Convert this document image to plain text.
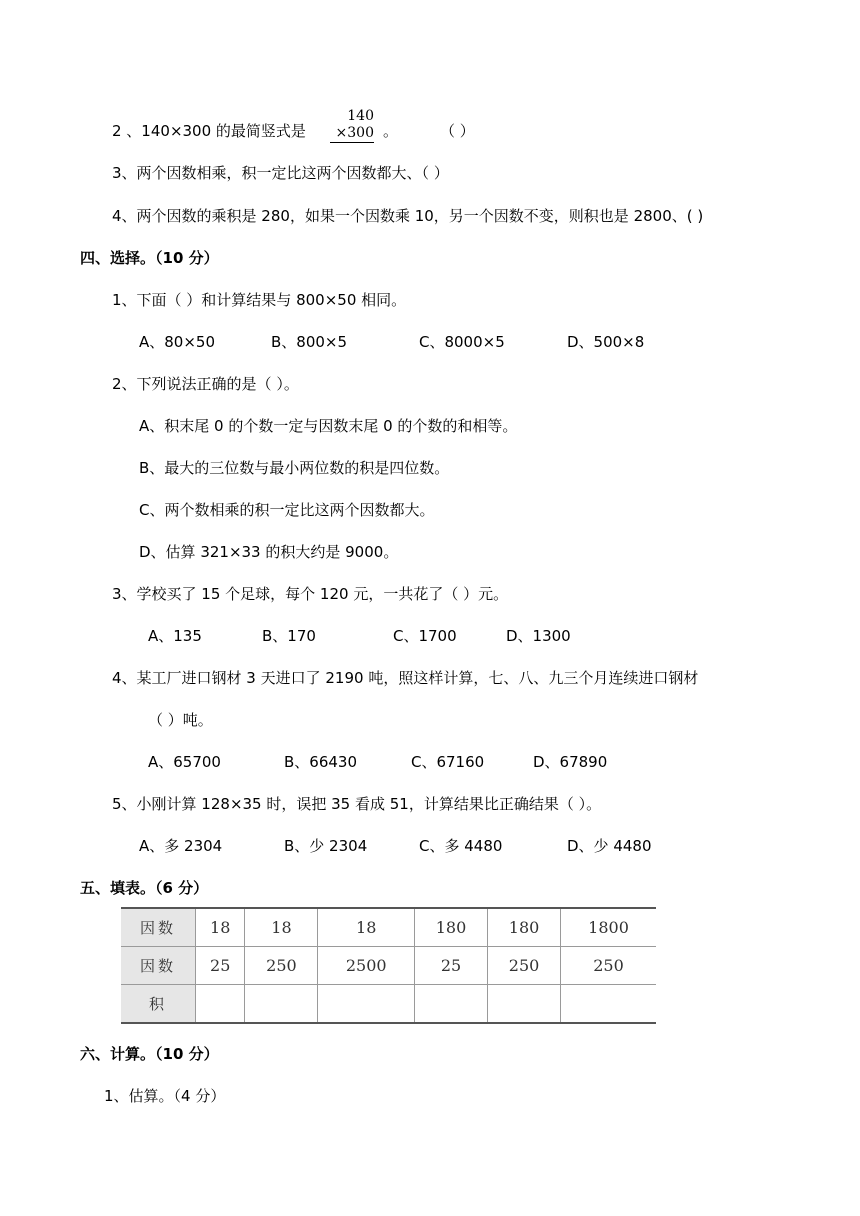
2 、140×300 的最简竖式是
140
×300 。	（ ）
3、两个因数相乘，积一定比这两个因数都大、（ ）
4、两个因数的乘积是 280，如果一个因数乘 10，另一个因数不变，则积也是 2800、( )
四、选择。（10 分）
1、下面（ ）和计算结果与 800×50 相同。
A、80×50	B、800×5	C、8000×5	D、500×8
2、下列说法正确的是（ ）。
A、积末尾 0 的个数一定与因数末尾 0 的个数的和相等。
B、最大的三位数与最小两位数的积是四位数。
C、两个数相乘的积一定比这两个因数都大。
D、估算 321×33 的积大约是 9000。
3、学校买了 15 个足球，每个 120 元，一共花了（ ）元。
A、135	B、170	C、1700	D、1300
4、某工厂进口钢材 3 天进口了 2190 吨，照这样计算，七、八、九三个月连续进口钢材
（ ）吨。
A、65700	B、66430	C、67160	D、67890
5、小刚计算 128×35 时，误把 35 看成 51，计算结果比正确结果（ ）。
A、多 2304	B、少 2304	C、多 4480	D、少 4480
五、填表。（6 分）
因数	18	18	18	180	180	1800
因数	25	250	2500	25	250	250
积						
六、计算。（10 分）
1、估算。（4 分）
